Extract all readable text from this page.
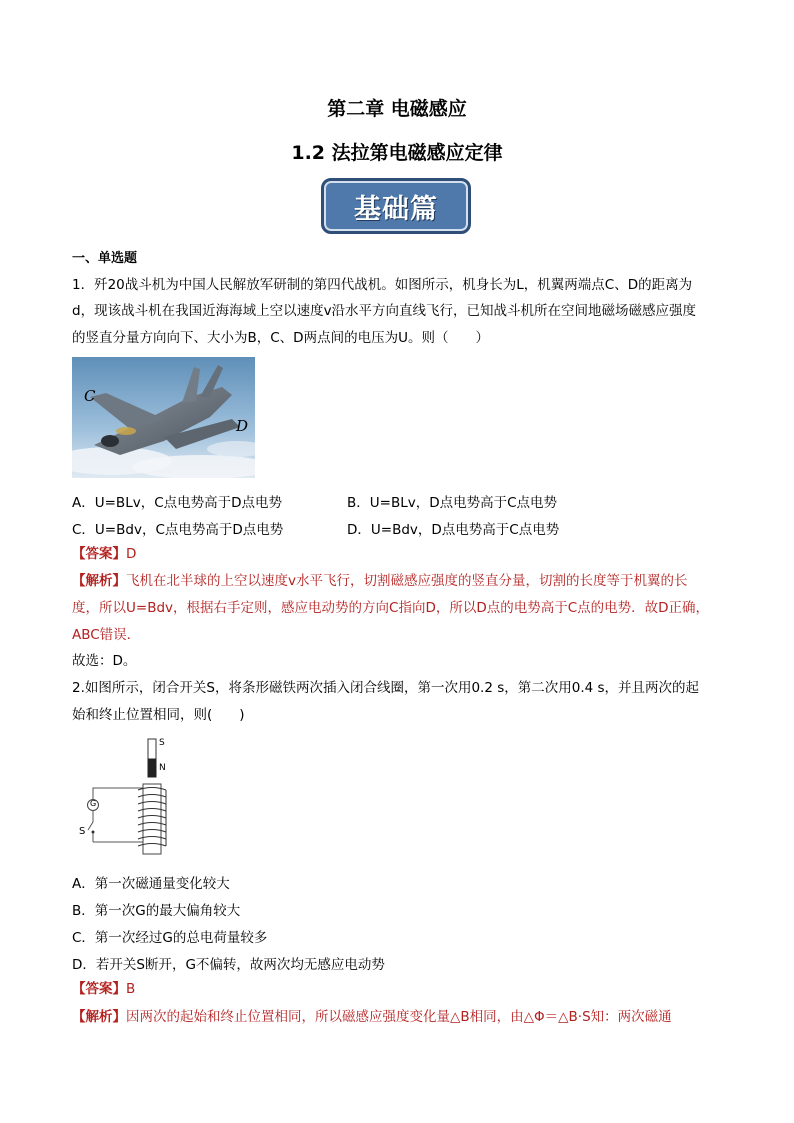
第二章 电磁感应
1.2 法拉第电磁感应定律
基础篇
一、单选题
1．歼20战斗机为中国人民解放军研制的第四代战机。如图所示，机身长为L，机翼两端点C、D的距离为
d，现该战斗机在我国近海海域上空以速度v沿水平方向直线飞行，已知战斗机所在空间地磁场磁感应强度
的竖直分量方向向下、大小为B，C、D两点间的电压为U。则（　　）
C
D
A．U=BLv，C点电势高于D点电势	B．U=BLv，D点电势高于C点电势
C．U=Bdv，C点电势高于D点电势	D．U=Bdv，D点电势高于C点电势
【答案】D
【解析】飞机在北半球的上空以速度v水平飞行，切割磁感应强度的竖直分量，切割的长度等于机翼的长
度，所以U=Bdv，根据右手定则，感应电动势的方向C指向D，所以D点的电势高于C点的电势．故D正确，
ABC错误．
故选：D。
2.如图所示，闭合开关S，将条形磁铁两次插入闭合线圈，第一次用0.2 s，第二次用0.4 s，并且两次的起
始和终止位置相同，则(　　)
S
N
G
S
A．第一次磁通量变化较大
B．第一次G的最大偏角较大
C．第一次经过G的总电荷量较多
D．若开关S断开，G不偏转，故两次均无感应电动势
【答案】B
【解析】因两次的起始和终止位置相同，所以磁感应强度变化量△B相同，由△Φ＝△B·S知：两次磁通
